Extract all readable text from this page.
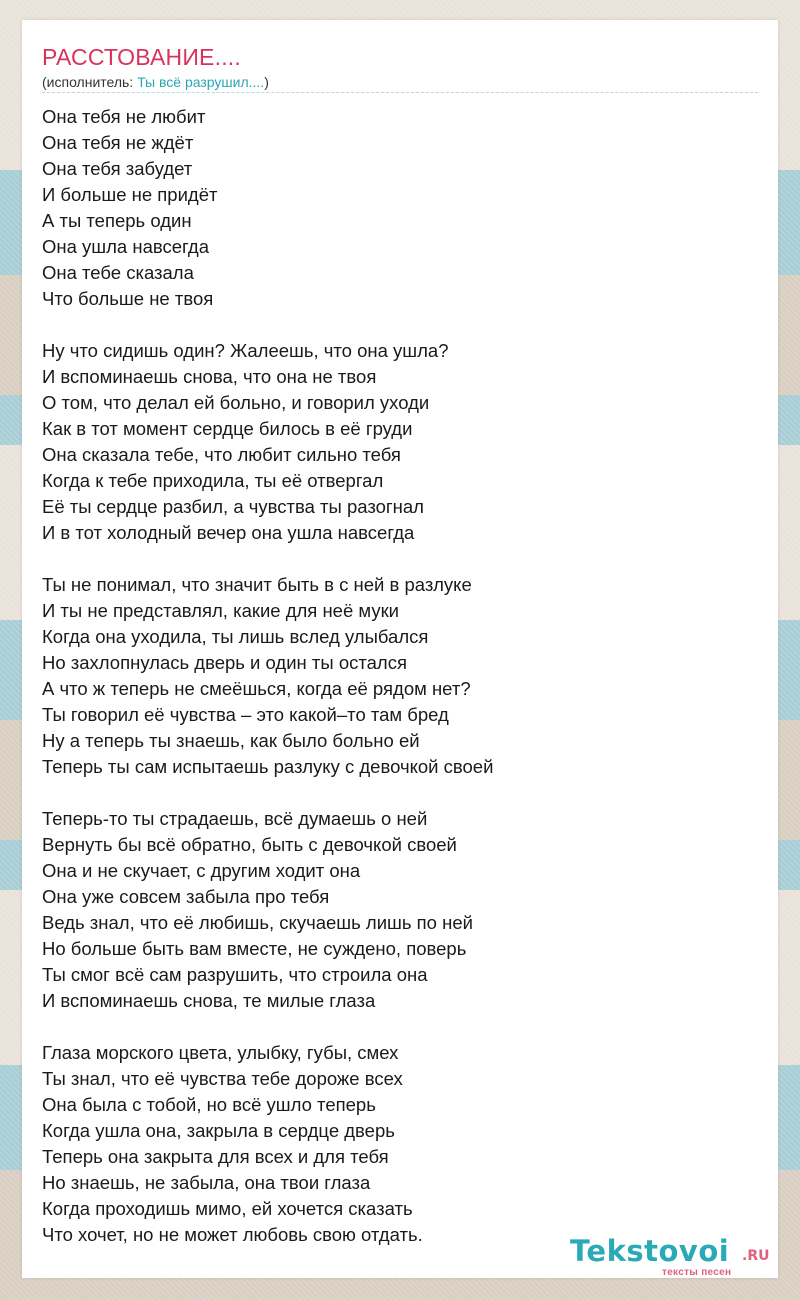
РАССТОВАНИЕ....
(исполнитель: Ты всё разрушил....)
Она тебя не любит
Она тебя не ждёт
Она тебя забудет
И больше не придёт
А ты теперь один
Она ушла навсегда
Она тебе сказала
Что больше не твоя
Ну что сидишь один? Жалеешь, что она ушла?
И вспоминаешь снова, что она не твоя
О том, что делал ей больно, и говорил уходи
Как в тот момент сердце билось в её груди
Она сказала тебе, что любит сильно тебя
Когда к тебе приходила, ты её отвергал
Её ты сердце разбил, а чувства ты разогнал
И в тот холодный вечер она ушла навсегда
Ты не понимал, что значит быть в с ней в разлуке
И ты не представлял, какие для неё муки
Когда она уходила, ты лишь вслед улыбался
Но захлопнулась дверь и один ты остался
А что ж теперь не смеёшься, когда её рядом нет?
Ты говорил её чувства – это какой–то там бред
Ну а теперь ты знаешь, как было больно ей
Теперь ты сам испытаешь разлуку с девочкой своей
Теперь-то ты страдаешь, всё думаешь о ней
Вернуть бы всё обратно, быть с девочкой своей
Она и не скучает, с другим ходит она
Она уже совсем забыла про тебя
Ведь знал, что её любишь, скучаешь лишь по ней
Но больше быть вам вместе, не суждено, поверь
Ты смог всё сам разрушить, что строила она
И вспоминаешь снова, те милые глаза
Глаза морского цвета, улыбку, губы, смех
Ты знал, что её чувства тебе дороже всех
Она была с тобой, но всё ушло теперь
Когда ушла она, закрыла в сердце дверь
Теперь она закрыта для всех и для тебя
Но знаешь, не забыла, она твои глаза
Когда проходишь мимо, ей хочется сказать
Что хочет, но не может любовь свою отдать.	Tekstovoi .RU
тексты песен
